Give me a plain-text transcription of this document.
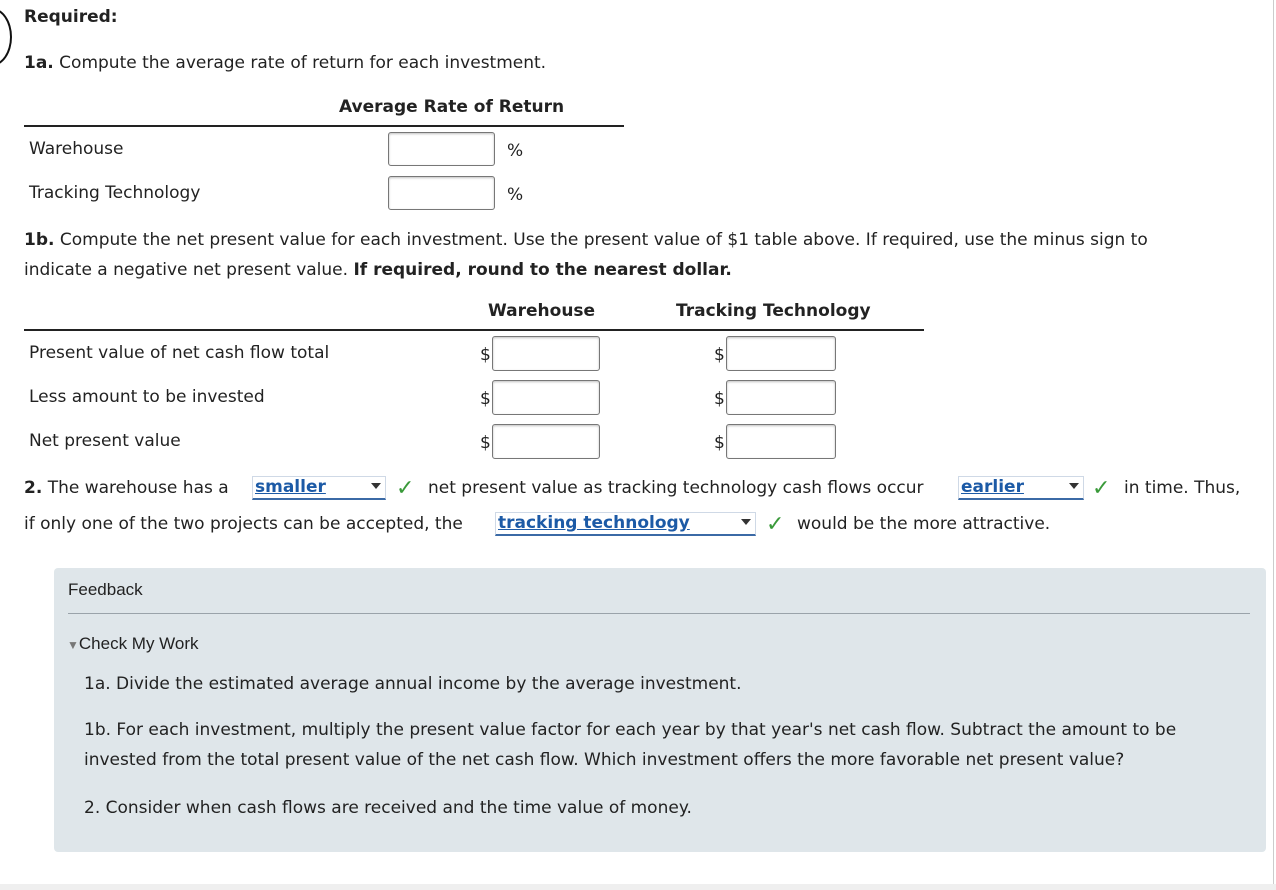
Required:
1a. Compute the average rate of return for each investment.
Average Rate of Return
Warehouse	%
Tracking Technology	%
1b. Compute the net present value for each investment. Use the present value of $1 table above. If required, use the minus sign to
indicate a negative net present value. If required, round to the nearest dollar.
Warehouse	Tracking Technology
Present value of net cash flow total	$	$
Less amount to be invested	$	$
Net present value	$	$
2. The warehouse has a smaller	✓ net present value as tracking technology cash flows occur earlier	✓ in time. Thus,
if only one of the two projects can be accepted, the tracking technology	✓ would be the more attractive.
Feedback
▼Check My Work
1a. Divide the estimated average annual income by the average investment.
1b. For each investment, multiply the present value factor for each year by that year's net cash flow. Subtract the amount to be
invested from the total present value of the net cash flow. Which investment offers the more favorable net present value?
2. Consider when cash flows are received and the time value of money.
